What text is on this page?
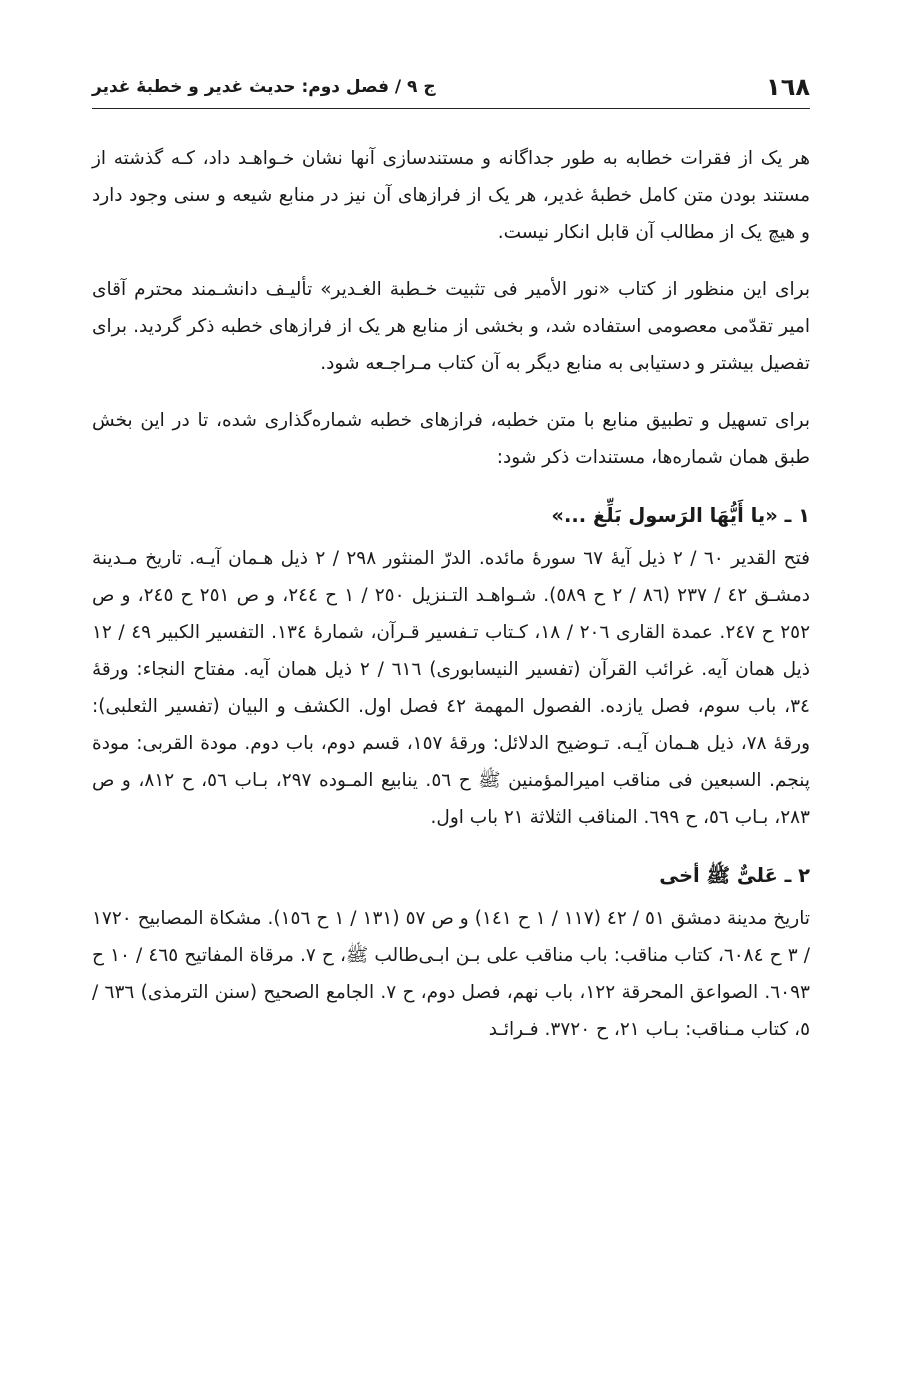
١٦٨
ج ٩ / فصل دوم: حدیث غدیر و خطبهٔ غدیر

هر یک از فقرات خطابه به طور جداگانه و مستندسازی آنها نشان خـواهـد داد، کـه گذشته از مستند بودن متن کامل خطبهٔ غدیر، هر یک از فرازهای آن نیز در منابع شیعه و سنی وجود دارد و هیچ یک از مطالب آن قابل انکار نیست.

برای این منظور از کتاب «نور الأمیر فی تثبیت خـطبة الغـدیر» تألیـف دانشـمند محترم آقای امیر تقدّمی معصومی استفاده شد، و بخشی از منابع هر یک از فرازهای خطبه ذکر گردید. برای تفصیل بیشتر و دستیابی به منابع دیگر به آن کتاب مـراجـعه شود.

برای تسهیل و تطبیق منابع با متن خطبه، فرازهای خطبه شماره‌گذاری شده، تا در این بخش طبق همان شماره‌ها، مستندات ذکر شود:

١ ـ «یا أَیُّهَا الرَسول بَلِّغ ...»

فتح القدیر ٦٠ / ٢ ذیل آیهٔ ٦٧ سورهٔ مائده. الدرّ المنثور ٢٩٨ / ٢ ذیل هـمان آیـه. تاریخ مـدینة دمشـق ٤٢ / ٢٣٧ (٨٦ / ٢ ح ٥٨٩). شـواهـد التـنزیل ٢٥٠ / ١ ح ٢٤٤، و ص ٢٥١ ح ٢٤٥، و ص ٢٥٢ ح ٢٤٧. عمدة القاری ٢٠٦ / ١٨، کـتاب تـفسیر قـرآن، شمارهٔ ١٣٤. التفسیر الکبیر ٤٩ / ١٢ ذیل همان آیه. غرائب القرآن (تفسیر النیسابوری) ٦١٦ / ٢ ذیل همان آیه. مفتاح النجاء: ورقهٔ ٣٤، باب سوم، فصل یازده. الفصول المهمة ٤٢ فصل اول. الکشف و البیان (تفسیر الثعلبی): ورقهٔ ٧٨، ذیل هـمان آیـه. تـوضیح الدلائل: ورقهٔ ١٥٧، قسم دوم، باب دوم. مودة القربی: مودة پنجم. السبعین فی مناقب امیرالمؤمنین ﷺ ح ٥٦. ینابیع المـوده ٢٩٧، بـاب ٥٦، ح ٨١٢، و ص ٢٨٣، بـاب ٥٦، ح ٦٩٩. المناقب الثلاثة ٢١ باب اول.

٢ ـ عَلیٌّ ﷺ أخی

تاریخ مدینة دمشق ٥١ / ٤٢ (١١٧ / ١ ح ١٤١) و ص ٥٧ (١٣١ / ١ ح ١٥٦). مشکاة المصابیح ١٧٢٠ / ٣ ح ٦٠٨٤، کتاب مناقب: باب مناقب علی بـن ابـی‌طالب ﷺ، ح ٧. مرقاة المفاتیح ٤٦٥ / ١٠ ح ٦٠٩٣. الصواعق المحرقة ١٢٢، باب نهم، فصل دوم، ح ٧. الجامع الصحیح (سنن الترمذی) ٦٣٦ / ٥، کتاب مـناقب: بـاب ٢١، ح ٣٧٢٠. فـرائـد
